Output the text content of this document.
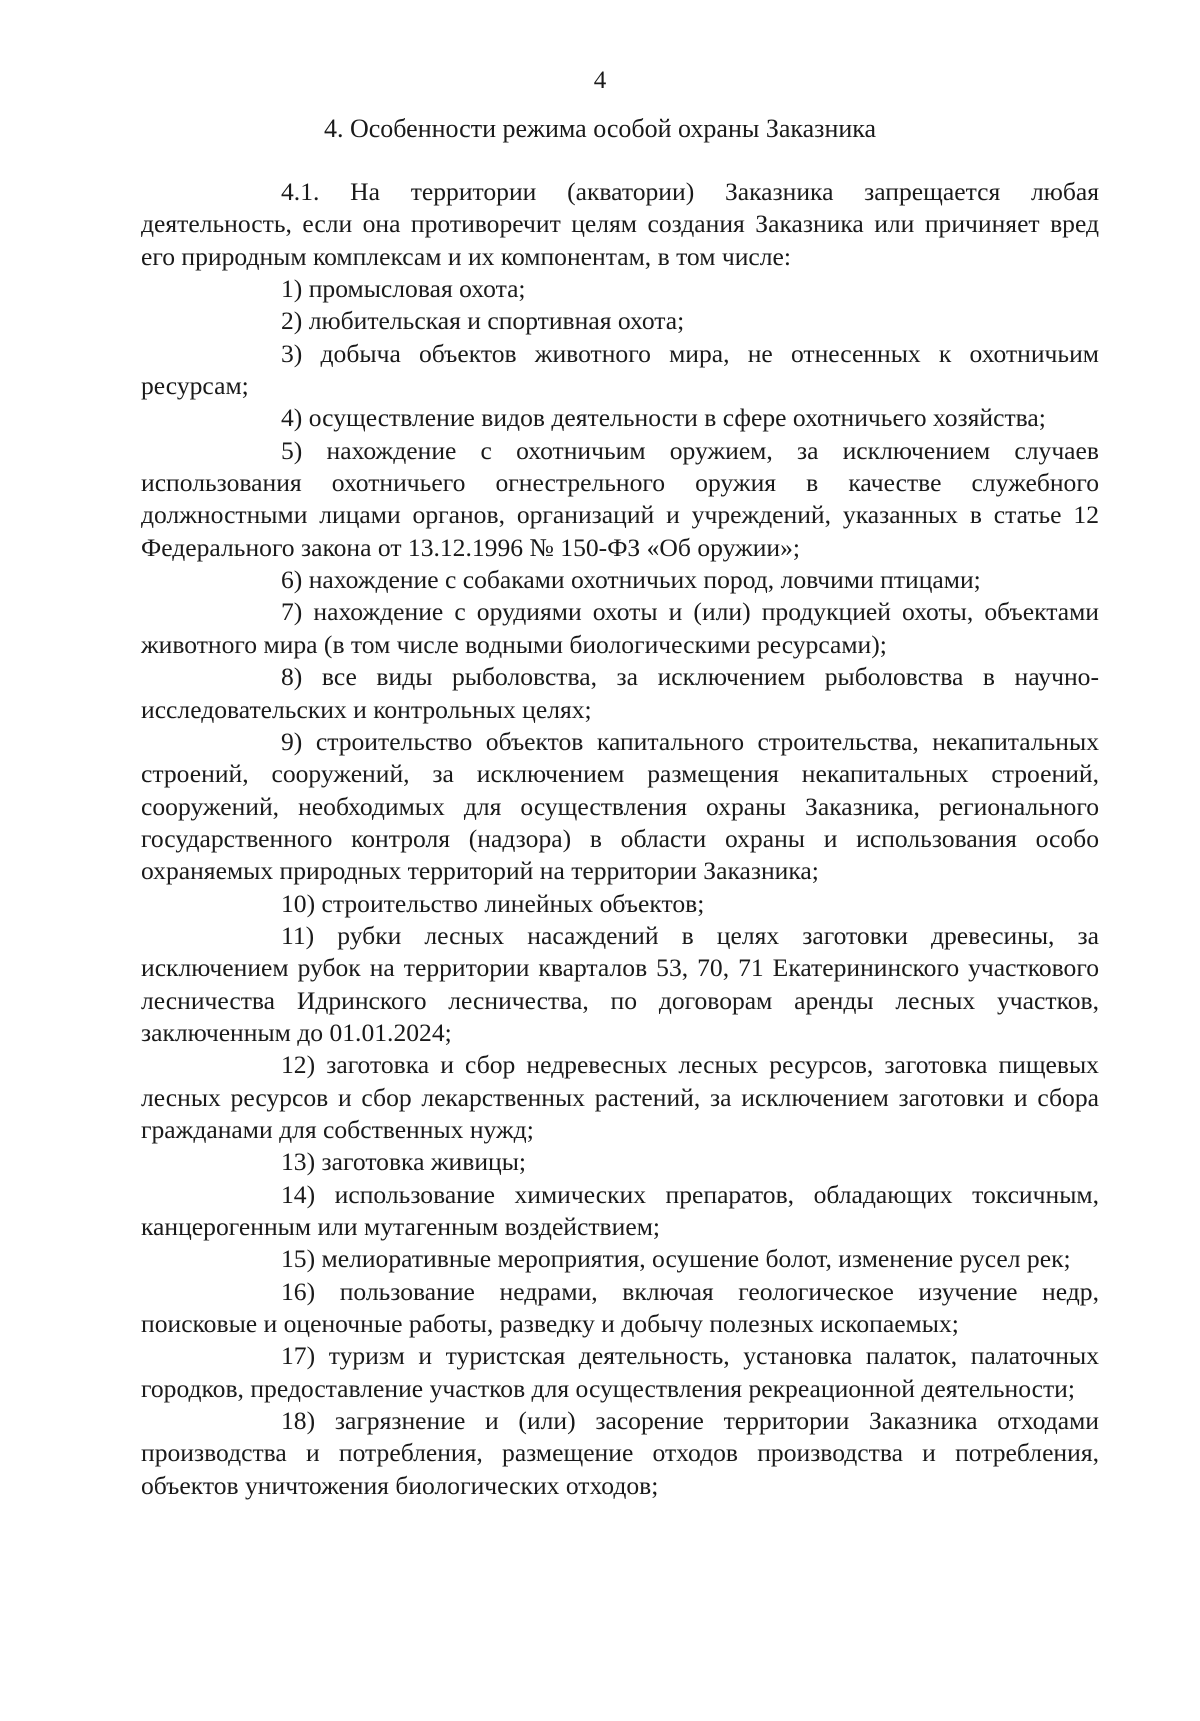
4
4. Особенности режима особой охраны Заказника

4.1. На территории (акватории) Заказника запрещается любая деятельность, если она противоречит целям создания Заказника или причиняет вред его природным комплексам и их компонентам, в том числе:

1) промысловая охота;

2) любительская и спортивная охота;

3) добыча объектов животного мира, не отнесенных к охотничьим ресурсам;

4) осуществление видов деятельности в сфере охотничьего хозяйства;

5) нахождение с охотничьим оружием, за исключением случаев использования охотничьего огнестрельного оружия в качестве служебного должностными лицами органов, организаций и учреждений, указанных в статье 12 Федерального закона от 13.12.1996 № 150-ФЗ «Об оружии»;

6) нахождение с собаками охотничьих пород, ловчими птицами;

7) нахождение с орудиями охоты и (или) продукцией охоты, объектами животного мира (в том числе водными биологическими ресурсами);

8) все виды рыболовства, за исключением рыболовства в научно-исследовательских и контрольных целях;

9) строительство объектов капитального строительства, некапитальных строений, сооружений, за исключением размещения некапитальных строений, сооружений, необходимых для осуществления охраны Заказника, регионального государственного контроля (надзора) в области охраны и использования особо охраняемых природных территорий на территории Заказника;

10) строительство линейных объектов;

11) рубки лесных насаждений в целях заготовки древесины, за исключением рубок на территории кварталов 53, 70, 71 Екатерининского участкового лесничества Идринского лесничества, по договорам аренды лесных участков, заключенным до 01.01.2024;

12) заготовка и сбор недревесных лесных ресурсов, заготовка пищевых лесных ресурсов и сбор лекарственных растений, за исключением заготовки и сбора гражданами для собственных нужд;

13) заготовка живицы;

14) использование химических препаратов, обладающих токсичным, канцерогенным или мутагенным воздействием;

15) мелиоративные мероприятия, осушение болот, изменение русел рек;

16) пользование недрами, включая геологическое изучение недр, поисковые и оценочные работы, разведку и добычу полезных ископаемых;

17) туризм и туристская деятельность, установка палаток, палаточных городков, предоставление участков для осуществления рекреационной деятельности;

18) загрязнение и (или) засорение территории Заказника отходами производства и потребления, размещение отходов производства и потребления, объектов уничтожения биологических отходов;
